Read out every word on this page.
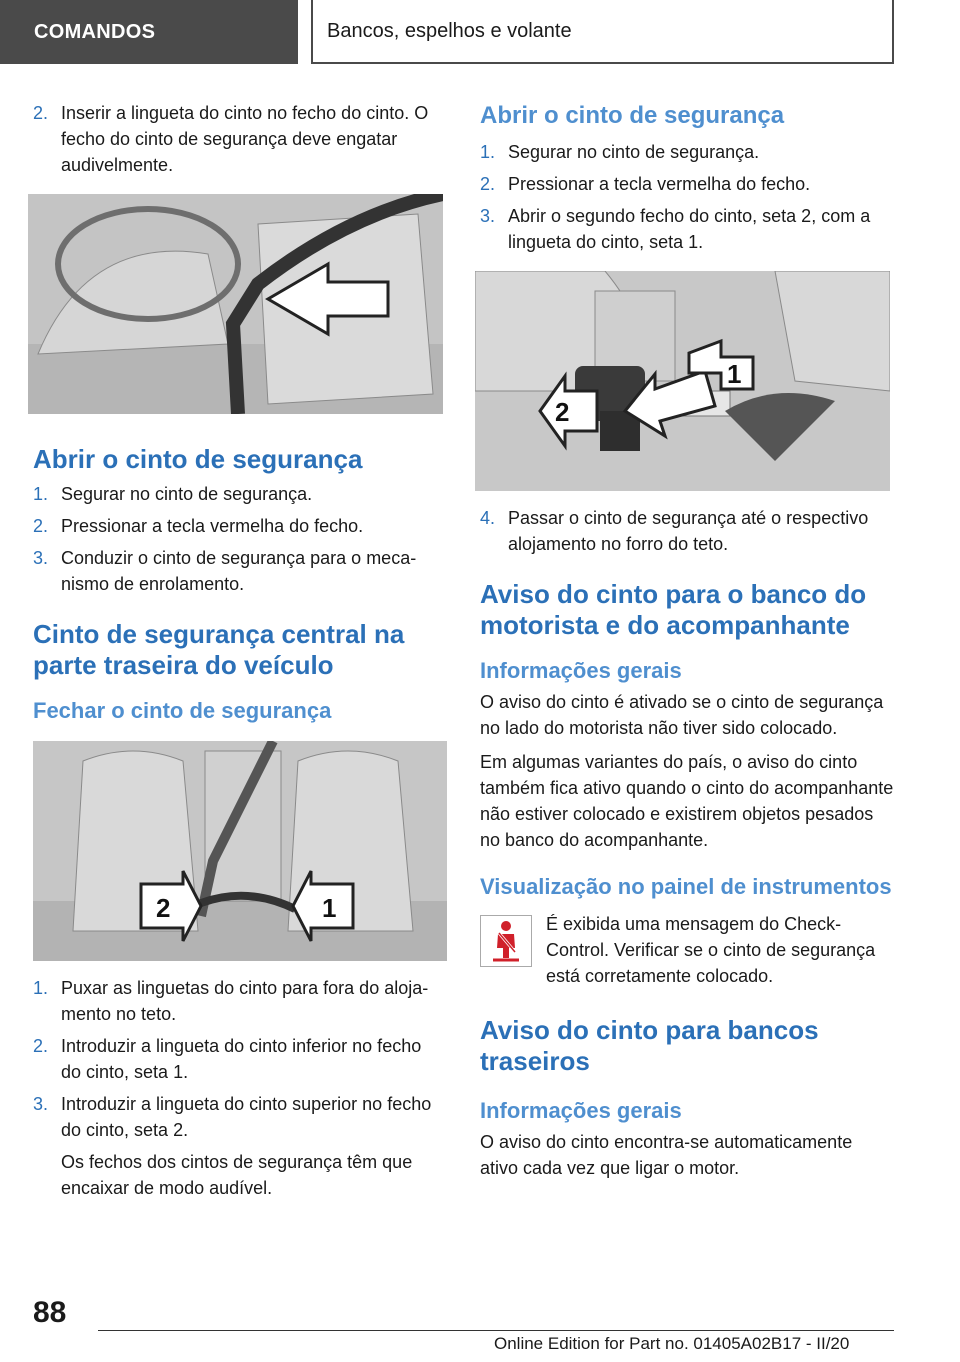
COMANDOS	Bancos, espelhos e volante
2. Inserir a lingueta do cinto no fecho do cinto. O fecho do cinto de segurança deve engatar audivelmente.
Abrir o cinto de segurança
1. Segurar no cinto de segurança.
2. Pressionar a tecla vermelha do fecho.
3. Conduzir o cinto de segurança para o mecanismo de enrolamento.
Cinto de segurança central na parte traseira do veículo
Fechar o cinto de segurança
2	1
1. Puxar as linguetas do cinto para fora do alojamento no teto.
2. Introduzir a lingueta do cinto inferior no fecho do cinto, seta 1.
3. Introduzir a lingueta do cinto superior no fecho do cinto, seta 2.

Os fechos dos cintos de segurança têm que encaixar de modo audível.

Abrir o cinto de segurança
1. Segurar no cinto de segurança.
2. Pressionar a tecla vermelha do fecho.
3. Abrir o segundo fecho do cinto, seta 2, com a lingueta do cinto, seta 1.
2
1
4. Passar o cinto de segurança até o respectivo alojamento no forro do teto.
Aviso do cinto para o banco do motorista e do acompanhante
Informações gerais

O aviso do cinto é ativado se o cinto de segurança no lado do motorista não tiver sido colocado.

Em algumas variantes do país, o aviso do cinto também fica ativo quando o cinto do acompanhante não estiver colocado e existirem objetos pesados no banco do acompanhante.

Visualização no painel de instrumentos

É exibida uma mensagem do Check-Control. Verificar se o cinto de segurança está corretamente colocado.

Aviso do cinto para bancos traseiros
Informações gerais

O aviso do cinto encontra-se automaticamente ativo cada vez que ligar o motor.

88
Online Edition for Part no. 01405A02B17 - II/20
